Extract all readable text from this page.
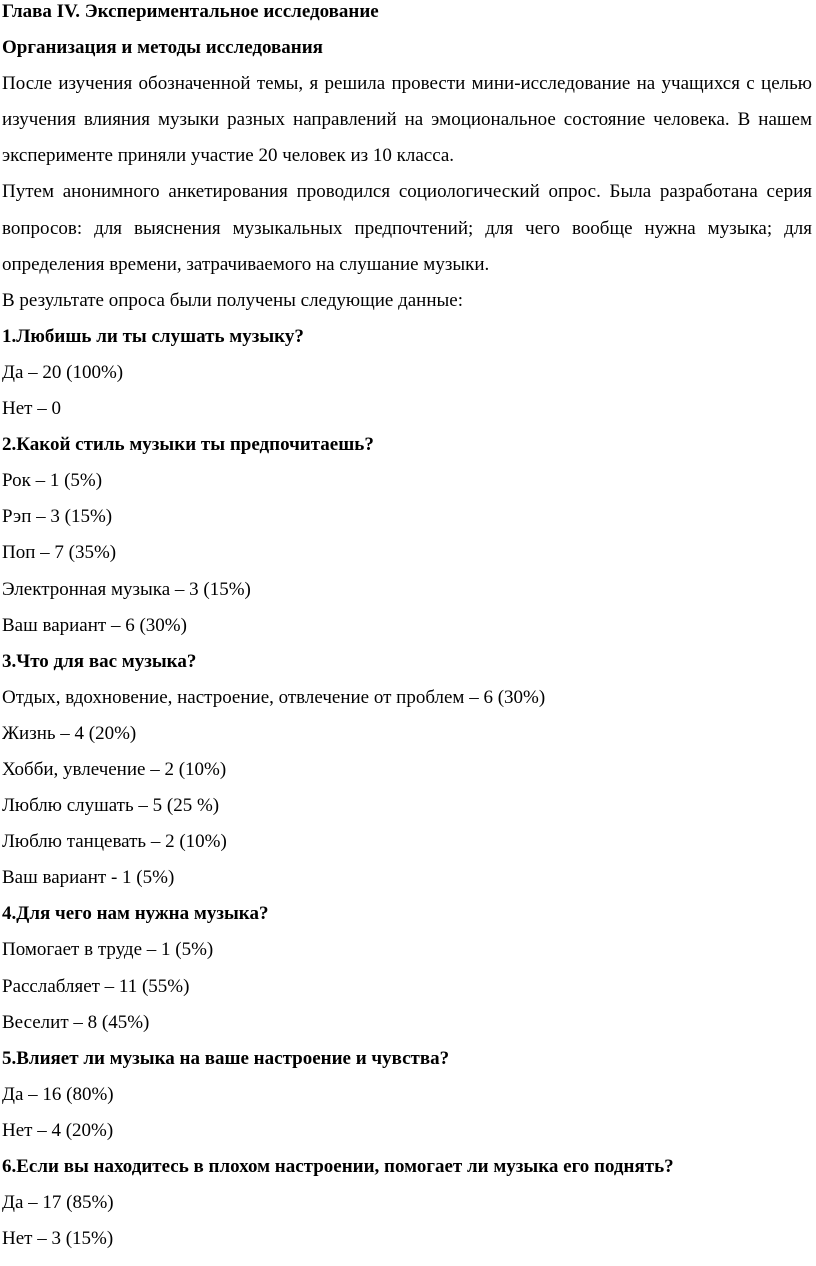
Глава IV. Экспериментальное исследование
Организация и методы исследования

После изучения обозначенной темы, я решила провести мини-исследование на учащихся с целью изучения влияния музыки разных направлений на эмоциональное состояние человека. В нашем эксперименте приняли участие 20 человек из 10 класса.

Путем анонимного анкетирования проводился социологический опрос. Была разработана серия вопросов: для выяснения музыкальных предпочтений; для чего вообще нужна музыка; для определения времени, затрачиваемого на слушание музыки.

В результате опроса были получены следующие данные:
1.Любишь ли ты слушать музыку?
Да – 20 (100%)
Нет – 0
2.Какой стиль музыки ты предпочитаешь?
Рок – 1 (5%)
Рэп – 3 (15%)
Поп – 7 (35%)
Электронная музыка – 3 (15%)
Ваш вариант – 6 (30%)
3.Что для вас музыка?
Отдых, вдохновение, настроение, отвлечение от проблем – 6 (30%)
Жизнь – 4 (20%)
Хобби, увлечение – 2 (10%)
Люблю слушать – 5 (25 %)
Люблю танцевать – 2 (10%)
Ваш вариант - 1 (5%)
4.Для чего нам нужна музыка?
Помогает в труде – 1 (5%)
Расслабляет – 11 (55%)
Веселит – 8 (45%)
5.Влияет ли музыка на ваше настроение и чувства?
Да – 16 (80%)
Нет – 4 (20%)
6.Если вы находитесь в плохом настроении, помогает ли музыка его поднять?
Да – 17 (85%)
Нет – 3 (15%)
